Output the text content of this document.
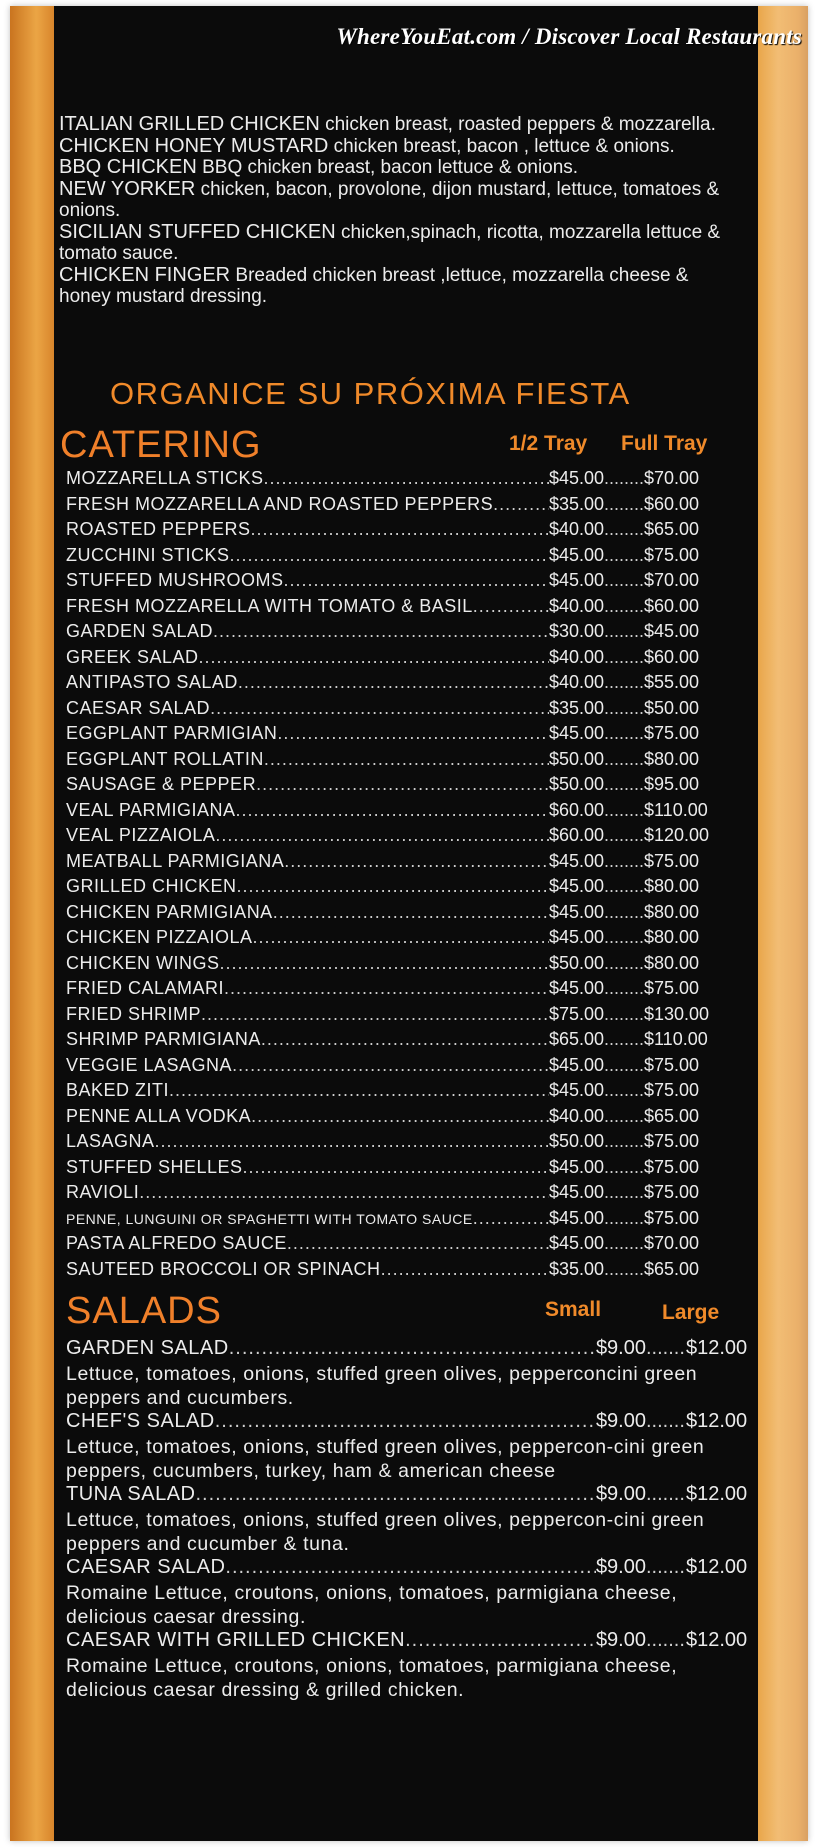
WhereYouEat.com / Discover Local Restaurants
ITALIAN GRILLED CHICKEN chicken breast, roasted peppers & mozzarella.
CHICKEN HONEY MUSTARD chicken breast, bacon , lettuce & onions.
BBQ CHICKEN BBQ chicken breast, bacon lettuce & onions.
NEW YORKER chicken, bacon, provolone, dijon mustard, lettuce, tomatoes & onions.
SICILIAN STUFFED CHICKEN chicken,spinach, ricotta, mozzarella lettuce & tomato sauce.
CHICKEN FINGER Breaded chicken breast ,lettuce, mozzarella cheese & honey mustard dressing.
ORGANICE SU PRÓXIMA FIESTA
CATERING	1/2 Tray Full Tray
MOZZARELLA STICKS .....	$45.00 ..... $70.00
FRESH MOZZARELLA AND ROASTED PEPPERS .....	$35.00 ..... $60.00
ROASTED PEPPERS .....	$40.00 ..... $65.00
ZUCCHINI STICKS .....	$45.00 ..... $75.00
STUFFED MUSHROOMS .....	$45.00 ..... $70.00
FRESH MOZZARELLA WITH TOMATO & BASIL .....	$40.00 ..... $60.00
GARDEN SALAD .....	$30.00 ..... $45.00
GREEK SALAD .....	$40.00 ..... $60.00
ANTIPASTO SALAD .....	$40.00 ..... $55.00
CAESAR SALAD .....	$35.00 ..... $50.00
EGGPLANT PARMIGIAN .....	$45.00 ..... $75.00
EGGPLANT ROLLATIN .....	$50.00 ..... $80.00
SAUSAGE & PEPPER .....	$50.00 ..... $95.00
VEAL PARMIGIANA .....	$60.00 ..... $110.00
VEAL PIZZAIOLA .....	$60.00 ..... $120.00
MEATBALL PARMIGIANA .....	$45.00 ..... $75.00
GRILLED CHICKEN .....	$45.00 ..... $80.00
CHICKEN PARMIGIANA .....	$45.00 ..... $80.00
CHICKEN PIZZAIOLA .....	$45.00 ..... $80.00
CHICKEN WINGS .....	$50.00 ..... $80.00
FRIED CALAMARI .....	$45.00 ..... $75.00
FRIED SHRIMP .....	$75.00 ..... $130.00
SHRIMP PARMIGIANA .....	$65.00 ..... $110.00
VEGGIE LASAGNA .....	$45.00 ..... $75.00
BAKED ZITI .....	$45.00 ..... $75.00
PENNE ALLA VODKA .....	$40.00 ..... $65.00
LASAGNA .....	$50.00 ..... $75.00
STUFFED SHELLES .....	$45.00 ..... $75.00
RAVIOLI .....	$45.00 ..... $75.00
PENNE, LUNGUINI OR SPAGHETTI WITH TOMATO SAUCE .....	$45.00 ..... $75.00
PASTA ALFREDO SAUCE .....	$45.00 ..... $70.00
SAUTEED BROCCOLI OR SPINACH .....	$35.00 ..... $65.00
SALADS	Small	Large
GARDEN SALAD .....	$9.00 ..... $12.00
Lettuce, tomatoes, onions, stuffed green olives, pepperconcini green peppers and cucumbers.
CHEF'S SALAD .....	$9.00 ..... $12.00
Lettuce, tomatoes, onions, stuffed green olives, peppercon-cini green peppers, cucumbers, turkey, ham & american cheese
TUNA SALAD .....	$9.00 ..... $12.00
Lettuce, tomatoes, onions, stuffed green olives, peppercon-cini green peppers and cucumber & tuna.
CAESAR SALAD .....	$9.00 ..... $12.00
Romaine Lettuce, croutons, onions, tomatoes, parmigiana cheese, delicious caesar dressing.
CAESAR WITH GRILLED CHICKEN .....	$9.00 ..... $12.00
Romaine Lettuce, croutons, onions, tomatoes, parmigiana cheese, delicious caesar dressing & grilled chicken.
